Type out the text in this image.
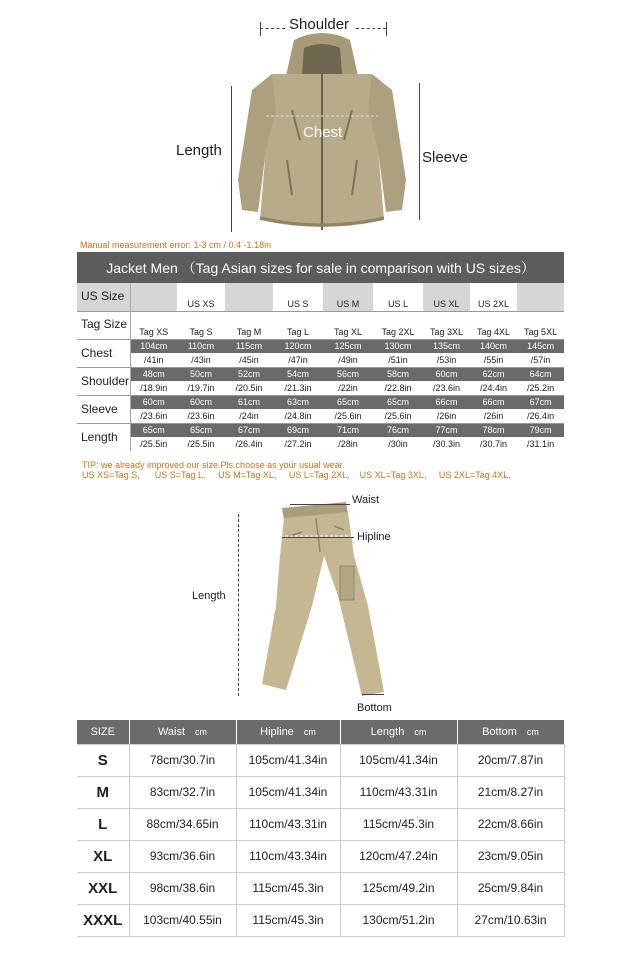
Shoulder
Length	Sleeve
Chest
Manual measurement error: 1-3 cm / 0.4 -1.18in
Jacket Men （Tag Asian sizes for sale in comparison with US sizes）									
US Size		US XS		US S	US M	US L	US XL	US 2XL	
Tag Size	Tag XS	Tag S	Tag M	Tag L	Tag XL	Tag 2XL	Tag 3XL	Tag 4XL	Tag 5XL
Chest	104cm	110cm	115cm	120cm	125cm	130cm	135cm	140cm	145cm
	/41in	/43in	/45in	/47in	/49in	/51in	/53in	/55in	/57in
Shoulder	48cm	50cm	52cm	54cm	56cm	58cm	60cm	62cm	64cm
	/18.9in	/19.7in	/20.5in	/21.3in	/22in	/22.8in	/23.6in	/24.4in	/25.2in
Sleeve	60cm	60cm	61cm	63cm	65cm	65cm	66cm	66cm	67cm
	/23.6in	/23.6in	/24in	/24.8in	/25.6in	/25.6in	/26in	/26in	/26.4in
Length	65cm	65cm	67cm	69cm	71cm	76cm	77cm	78cm	79cm
	/25.5in	/25.5in	/26.4in	/27.2in	/28in	/30in	/30.3in	/30.7in	/31.1in
TIP: we already improved our size.Pls.choose as your usual wear.
US XS=Tag S,      US S=Tag L,     US M=Tag XL,     US L=Tag 2XL,    US XL=Tag 3XL,     US 2XL=Tag 4XL.
Waist
Hipline
Length
Bottom
SIZE	Waist cm	Hipline cm	Length cm	Bottom cm
S	78cm/30.7in	105cm/41.34in	105cm/41.34in	20cm/7.87in
M	83cm/32.7in	105cm/41.34in	110cm/43.31in	21cm/8.27in
L	88cm/34.65in	110cm/43.31in	115cm/45.3in	22cm/8.66in
XL	93cm/36.6in	110cm/43.34in	120cm/47.24in	23cm/9.05in
XXL	98cm/38.6in	115cm/45.3in	125cm/49.2in	25cm/9.84in
XXXL	103cm/40.55in	115cm/45.3in	130cm/51.2in	27cm/10.63in
